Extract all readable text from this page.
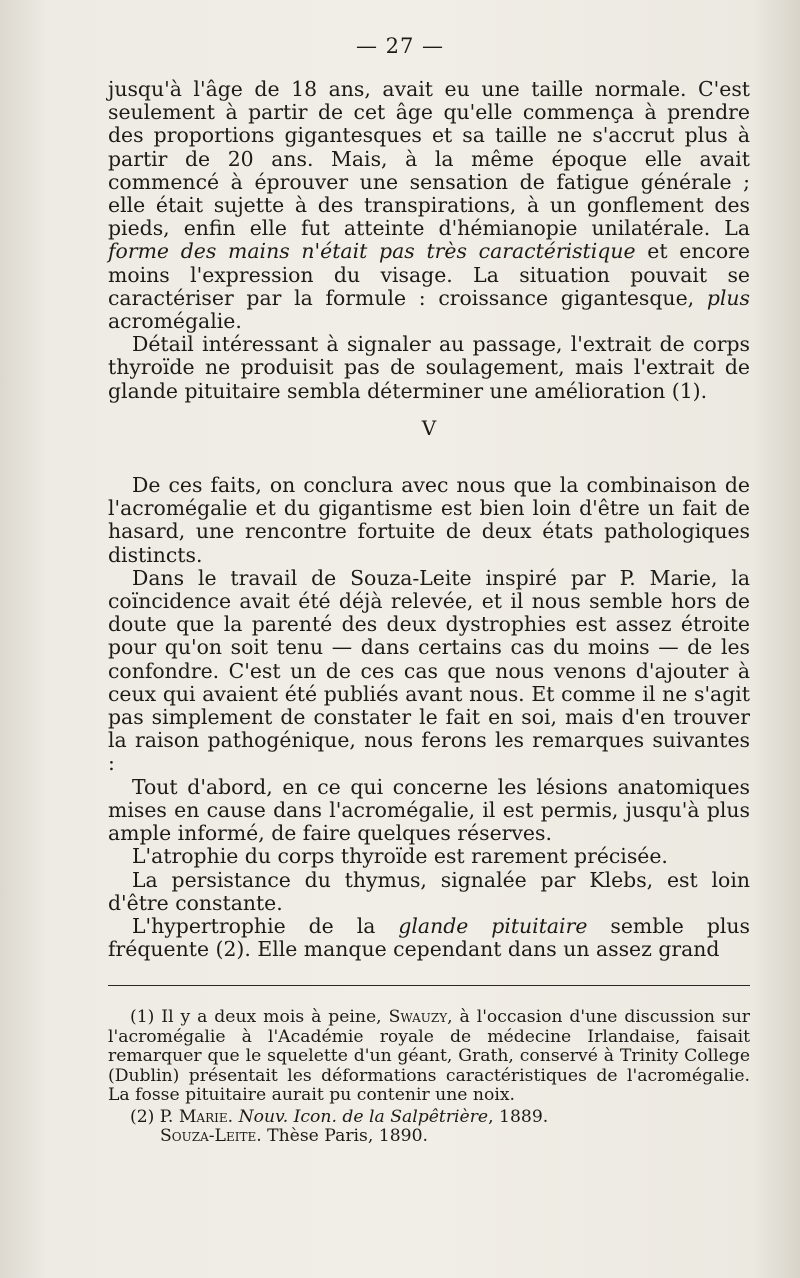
— 27 —

jusqu'à l'âge de 18 ans, avait eu une taille normale. C'est seulement à partir de cet âge qu'elle commença à prendre des proportions gigantesques et sa taille ne s'accrut plus à partir de 20 ans. Mais, à la même époque elle avait commencé à éprouver une sensation de fatigue générale ; elle était sujette à des transpirations, à un gonflement des pieds, enfin elle fut atteinte d'hémianopie unilatérale. La forme des mains n'était pas très caractéristique et encore moins l'expression du visage. La situation pouvait se caractériser par la formule : croissance gigantesque, plus acromégalie.

Détail intéressant à signaler au passage, l'extrait de corps thyroïde ne produisit pas de soulagement, mais l'extrait de glande pituitaire sembla déterminer une amélioration (1).

V

De ces faits, on conclura avec nous que la combinaison de l'acromégalie et du gigantisme est bien loin d'être un fait de hasard, une rencontre fortuite de deux états pathologiques distincts.

Dans le travail de Souza-Leite inspiré par P. Marie, la coïncidence avait été déjà relevée, et il nous semble hors de doute que la parenté des deux dystrophies est assez étroite pour qu'on soit tenu — dans certains cas du moins — de les confondre. C'est un de ces cas que nous venons d'ajouter à ceux qui avaient été publiés avant nous. Et comme il ne s'agit pas simplement de constater le fait en soi, mais d'en trouver la raison pathogénique, nous ferons les remarques suivantes :

Tout d'abord, en ce qui concerne les lésions anatomiques mises en cause dans l'acromégalie, il est permis, jusqu'à plus ample informé, de faire quelques réserves.

L'atrophie du corps thyroïde est rarement précisée.

La persistance du thymus, signalée par Klebs, est loin d'être constante.

L'hypertrophie de la glande pituitaire semble plus fréquente (2). Elle manque cependant dans un assez grand

(1) Il y a deux mois à peine, Swauzy, à l'occasion d'une discussion sur l'acromégalie à l'Académie royale de médecine Irlandaise, faisait remarquer que le squelette d'un géant, Grath, conservé à Trinity College (Dublin) présentait les déformations caractéristiques de l'acromégalie. La fosse pituitaire aurait pu contenir une noix.

(2) P. Marie. Nouv. Icon. de la Salpêtrière, 1889.

Souza-Leite. Thèse Paris, 1890.
